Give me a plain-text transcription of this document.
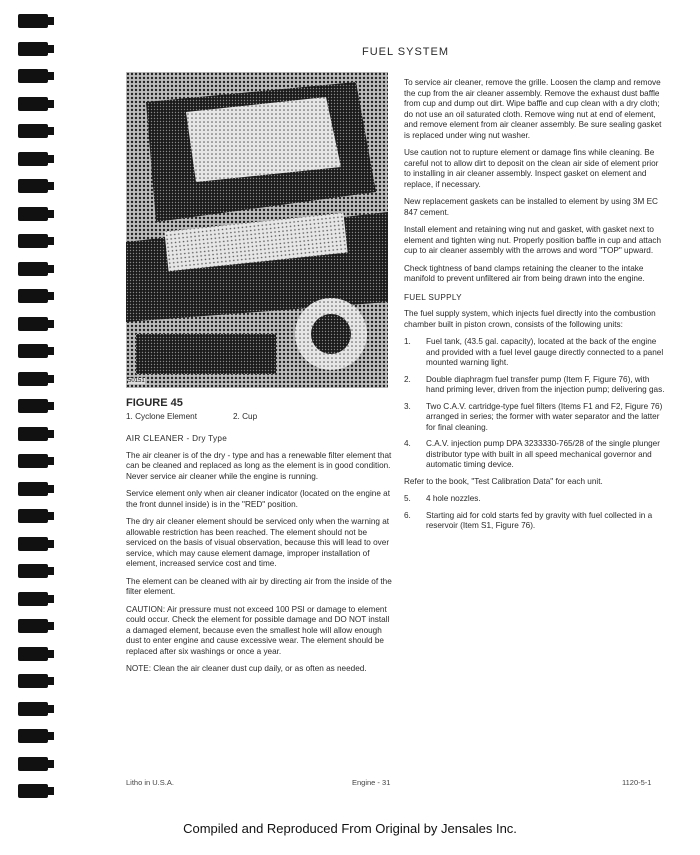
FUEL SYSTEM
50151
FIGURE 45
1. Cyclone Element	2. Cup
AIR CLEANER - Dry Type

The air cleaner is of the dry - type and has a renewable filter element that can be cleaned and replaced as long as the element is in good condition. Never service air cleaner while the engine is running.

Service element only when air cleaner indicator (located on the engine at the front dunnel inside) is in the "RED" position.

The dry air cleaner element should be serviced only when the warning at allowable restriction has been reached. The element should not be serviced on the basis of visual observation, because this will lead to over service, which may cause element damage, improper installation of element, increased service cost and time.

The element can be cleaned with air by directing air from the inside of the filter element.

CAUTION: Air pressure must not exceed 100 PSI or damage to element could occur. Check the element for possible damage and DO NOT install a damaged element, because even the smallest hole will allow enough dust to enter engine and cause excessive wear. The element should be replaced after six washings or once a year.

NOTE: Clean the air cleaner dust cup daily, or as often as needed.

To service air cleaner, remove the grille. Loosen the clamp and remove the cup from the air cleaner assembly. Remove the exhaust dust baffle from cup and dump out dirt. Wipe baffle and cup clean with a dry cloth; do not use an oil saturated cloth. Remove wing nut at end of element, and remove element from air cleaner assembly. Be sure sealing gasket is replaced under wing nut washer.

Use caution not to rupture element or damage fins while cleaning. Be careful not to allow dirt to deposit on the clean air side of element prior to installing in air cleaner assembly. Inspect gasket on element and replace, if necessary.

New replacement gaskets can be installed to element by using 3M EC 847 cement.

Install element and retaining wing nut and gasket, with gasket next to element and tighten wing nut. Properly position baffle in cup and attach cup to air cleaner assembly with the arrows and word "TOP" upward.

Check tightness of band clamps retaining the cleaner to the intake manifold to prevent unfiltered air from being drawn into the engine.

FUEL SUPPLY

The fuel supply system, which injects fuel directly into the combustion chamber built in piston crown, consists of the following units:

1.	Fuel tank, (43.5 gal. capacity), located at the back of the engine and provided with a fuel level gauge directly connected to a panel mounted warning light.
2.	Double diaphragm fuel transfer pump (Item F, Figure 76), with hand priming lever, driven from the injection pump; delivering gas.
3.	Two C.A.V. cartridge-type fuel filters (Items F1 and F2, Figure 76) arranged in series; the former with water separator and the latter for final cleaning.
4.	C.A.V. injection pump DPA 3233330-765/28 of the single plunger distributor type with built in all speed mechanical governor and automatic timing device.

Refer to the book, "Test Calibration Data" for each unit.

5.	4 hole nozzles.
6.	Starting aid for cold starts fed by gravity with fuel collected in a reservoir (Item S1, Figure 76).
Litho in U.S.A.	Engine - 31	1120-5-1
Compiled and Reproduced From Original by Jensales Inc.
